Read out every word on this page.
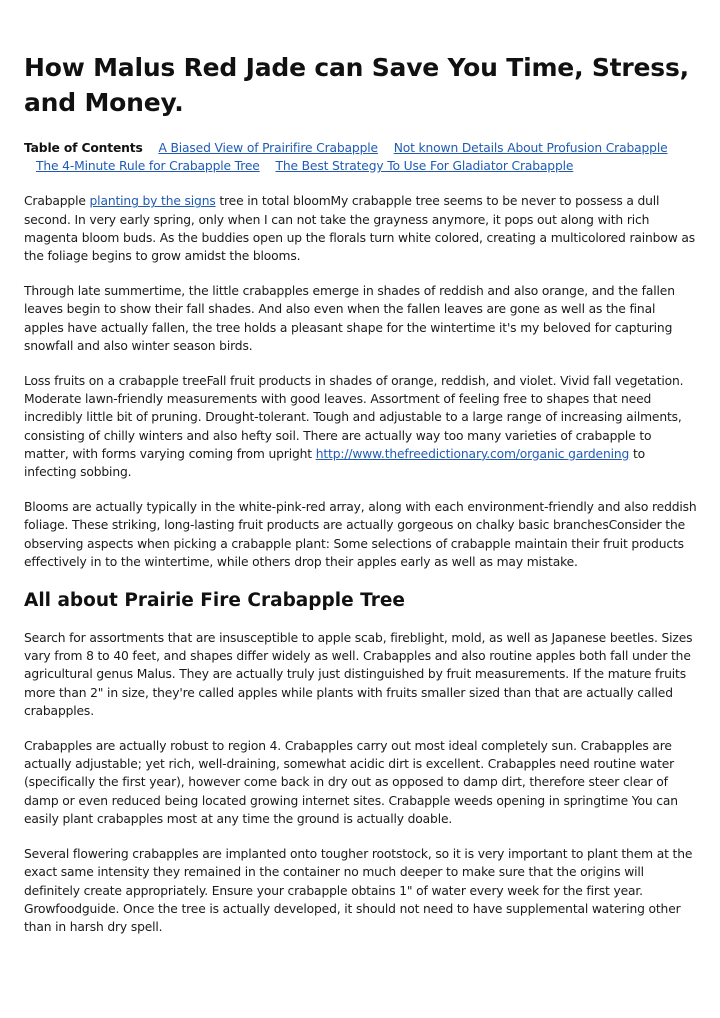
How Malus Red Jade can Save You Time, Stress, and Money.

Table of Contents A Biased View of Prairifire Crabapple Not known Details About Profusion Crabapple The 4-Minute Rule for Crabapple Tree The Best Strategy To Use For Gladiator Crabapple

Crabapple planting by the signs tree in total bloomMy crabapple tree seems to be never to possess a dull second. In very early spring, only when I can not take the grayness anymore, it pops out along with rich magenta bloom buds. As the buddies open up the florals turn white colored, creating a multicolored rainbow as the foliage begins to grow amidst the blooms.

Through late summertime, the little crabapples emerge in shades of reddish and also orange, and the fallen leaves begin to show their fall shades. And also even when the fallen leaves are gone as well as the final apples have actually fallen, the tree holds a pleasant shape for the wintertime it's my beloved for capturing snowfall and also winter season birds.

Loss fruits on a crabapple treeFall fruit products in shades of orange, reddish, and violet. Vivid fall vegetation. Moderate lawn-friendly measurements with good leaves. Assortment of feeling free to shapes that need incredibly little bit of pruning. Drought-tolerant. Tough and adjustable to a large range of increasing ailments, consisting of chilly winters and also hefty soil. There are actually way too many varieties of crabapple to matter, with forms varying coming from upright http://www.thefreedictionary.com/organic gardening to infecting sobbing.

Blooms are actually typically in the white-pink-red array, along with each environment-friendly and also reddish foliage. These striking, long-lasting fruit products are actually gorgeous on chalky basic branchesConsider the observing aspects when picking a crabapple plant: Some selections of crabapple maintain their fruit products effectively in to the wintertime, while others drop their apples early as well as may mistake.

All about Prairie Fire Crabapple Tree

Search for assortments that are insusceptible to apple scab, fireblight, mold, as well as Japanese beetles. Sizes vary from 8 to 40 feet, and shapes differ widely as well. Crabapples and also routine apples both fall under the agricultural genus Malus. They are actually truly just distinguished by fruit measurements. If the mature fruits more than 2" in size, they're called apples while plants with fruits smaller sized than that are actually called crabapples.

Crabapples are actually robust to region 4. Crabapples carry out most ideal completely sun. Crabapples are actually adjustable; yet rich, well-draining, somewhat acidic dirt is excellent. Crabapples need routine water (specifically the first year), however come back in dry out as opposed to damp dirt, therefore steer clear of damp or even reduced being located growing internet sites. Crabapple weeds opening in springtime You can easily plant crabapples most at any time the ground is actually doable.

Several flowering crabapples are implanted onto tougher rootstock, so it is very important to plant them at the exact same intensity they remained in the container no much deeper to make sure that the origins will definitely create appropriately. Ensure your crabapple obtains 1" of water every week for the first year. Growfoodguide. Once the tree is actually developed, it should not need to have supplemental watering other than in harsh dry spell.
